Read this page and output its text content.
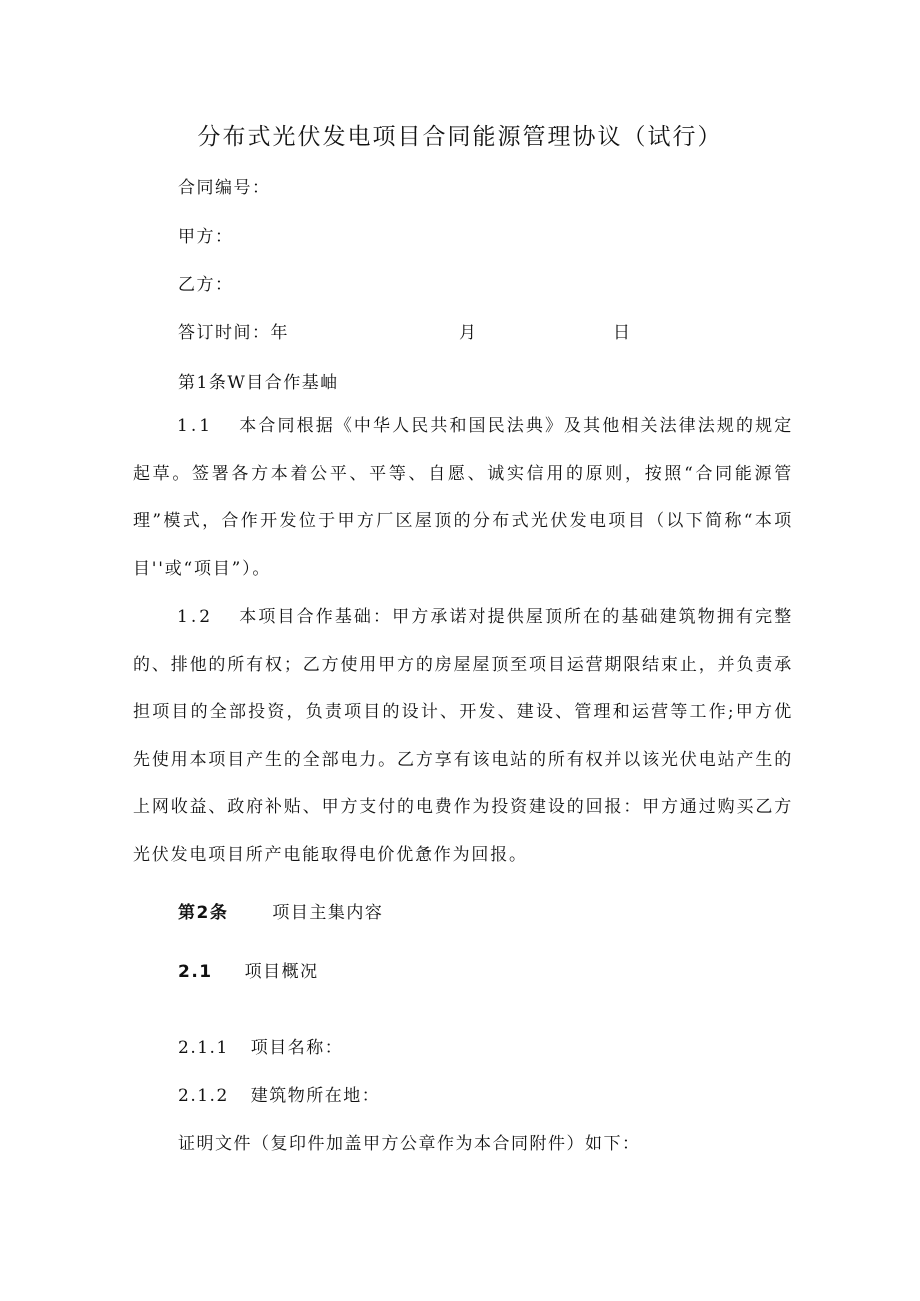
分布式光伏发电项目合同能源管理协议（试行）
合同编号：
甲方：
乙方：
答订时间：年	月	日
第1条W目合作基岫

1.1 本合同根据《中华人民共和国民法典》及其他相关法律法规的规定起草。签署各方本着公平、平等、自愿、诚实信用的原则，按照“合同能源管理”模式，合作开发位于甲方厂区屋顶的分布式光伏发电项目（以下简称“本项目''或“项目”）。

1.2 本项目合作基础：甲方承诺对提供屋顶所在的基础建筑物拥有完整的、排他的所有权；乙方使用甲方的房屋屋顶至项目运营期限结束止，并负责承担项目的全部投资，负责项目的设计、开发、建设、管理和运营等工作;甲方优先使用本项目产生的全部电力。乙方享有该电站的所有权并以该光伏电站产生的上网收益、政府补贴、甲方支付的电费作为投资建设的回报：甲方通过购买乙方光伏发电项目所产电能取得电价优惫作为回报。

第2条	项目主集内容
2.1 项目概况
2.1.1 项目名称：
2.1.2 建筑物所在地：
证明文件（复印件加盖甲方公章作为本合同附件）如下：
